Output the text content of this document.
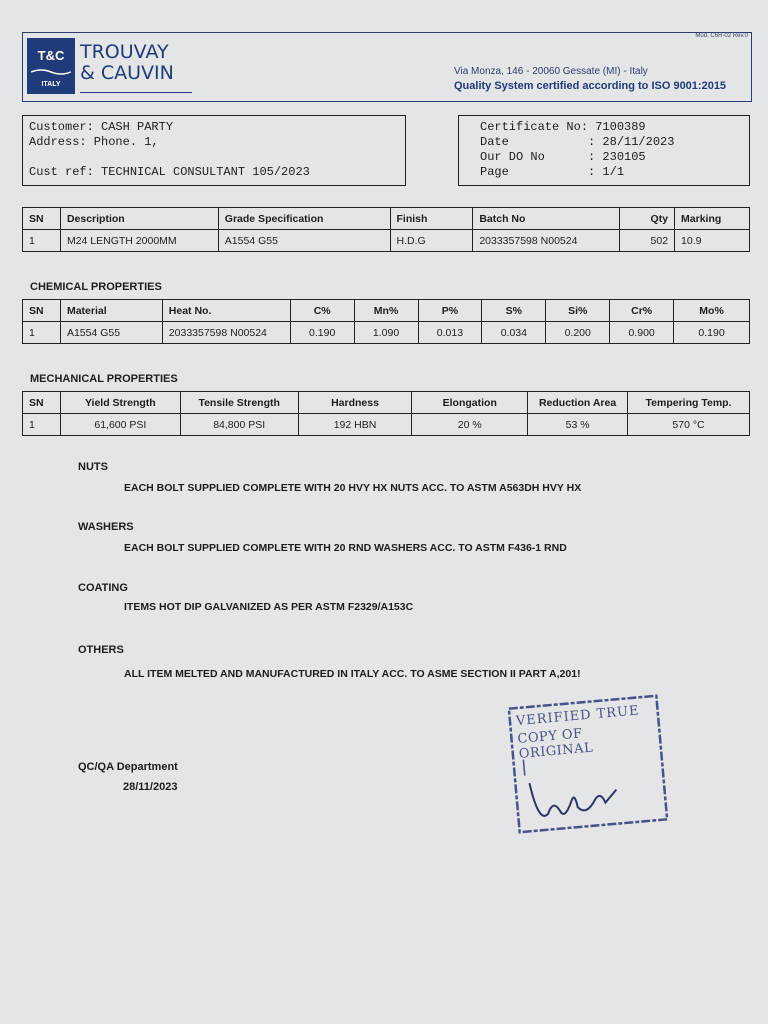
Mod. C6R-02 Rev.0
T&C
ITALY
TROUVAY
& CAUVIN	Via Monza, 146 - 20060 Gessate (MI) - Italy
Quality System certified according to ISO 9001:2015
Customer: CASH PARTY
Address: Phone. 1,
Cust ref: TECHNICAL CONSULTANT 105/2023
Certificate No: 7100389
Date           : 28/11/2023
Our DO No      : 230105
Page           : 1/1
SN	Description	Grade Specification	Finish	Batch No	Qty	Marking
1	M24 LENGTH 2000MM	A1554 G55	H.D.G	2033357598 N00524	502	10.9
CHEMICAL PROPERTIES
SN	Material	Heat No.	C%	Mn%	P%	S%	Si%	Cr%	Mo%
1	A1554 G55	2033357598 N00524	0.190	1.090	0.013	0.034	0.200	0.900	0.190
MECHANICAL PROPERTIES
SN	Yield Strength	Tensile Strength	Hardness	Elongation	Reduction Area	Tempering Temp.
1	61,600 PSI	84,800 PSI	192 HBN	20 %	53 %	570 °C
NUTS
EACH BOLT SUPPLIED COMPLETE WITH 20 HVY HX NUTS ACC. TO ASTM A563DH HVY HX
WASHERS
EACH BOLT SUPPLIED COMPLETE WITH 20 RND WASHERS ACC. TO ASTM F436-1 RND
COATING
ITEMS HOT DIP GALVANIZED AS PER ASTM F2329/A153C
OTHERS
ALL ITEM MELTED AND MANUFACTURED IN ITALY ACC. TO ASME SECTION II PART A,201!
QC/QA Department
28/11/2023
VERIFIED TRUE
COPY OF ORIGINAL
